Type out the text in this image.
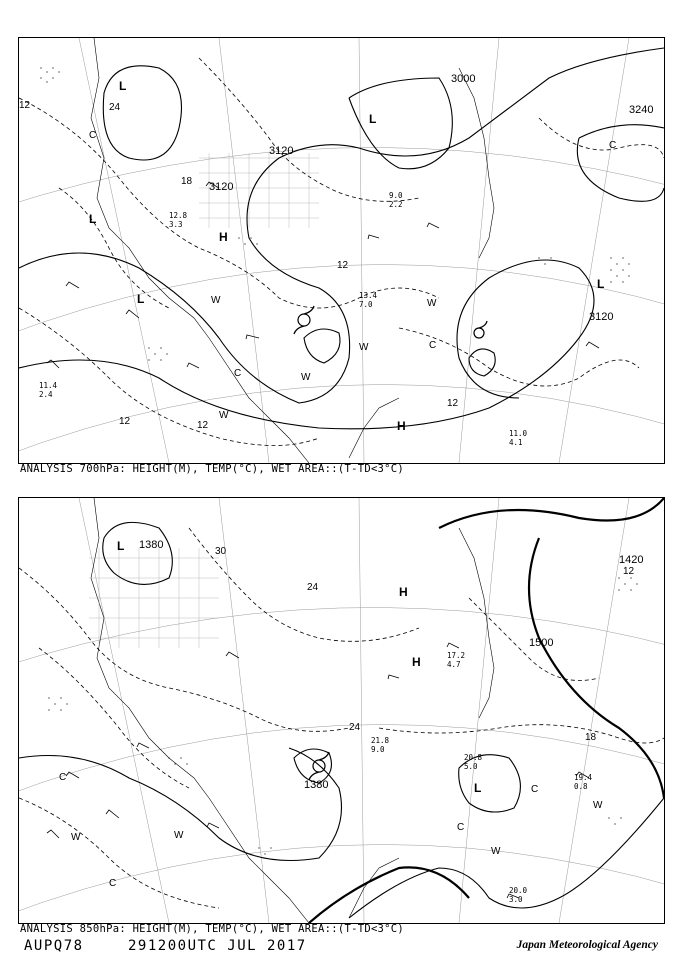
3000
3120
3120
3240
3120
12
12
12	12
24
18
12
L
L
L
L
L
H
H
C
C
C
C
W
W
W
W
W
11.0
4.1
12.8
3.3
11.4
2.4
9.0
2.2
13.4
7.0
ANALYSIS 700hPa: HEIGHT(M), TEMP(°C), WET AREA::(T-TD<3°C)
1380
1420
1500
1380
30
24
18
12
24
L
L
H
H
C
C
C
C
W	W
W
W
20.0
3.0
20.8
5.0
19.4
0.8
21.8
9.0
17.2
4.7
ANALYSIS 850hPa: HEIGHT(M), TEMP(°C), WET AREA::(T-TD<3°C)
AUPQ78	291200UTC JUL 2017	Japan Meteorological Agency
